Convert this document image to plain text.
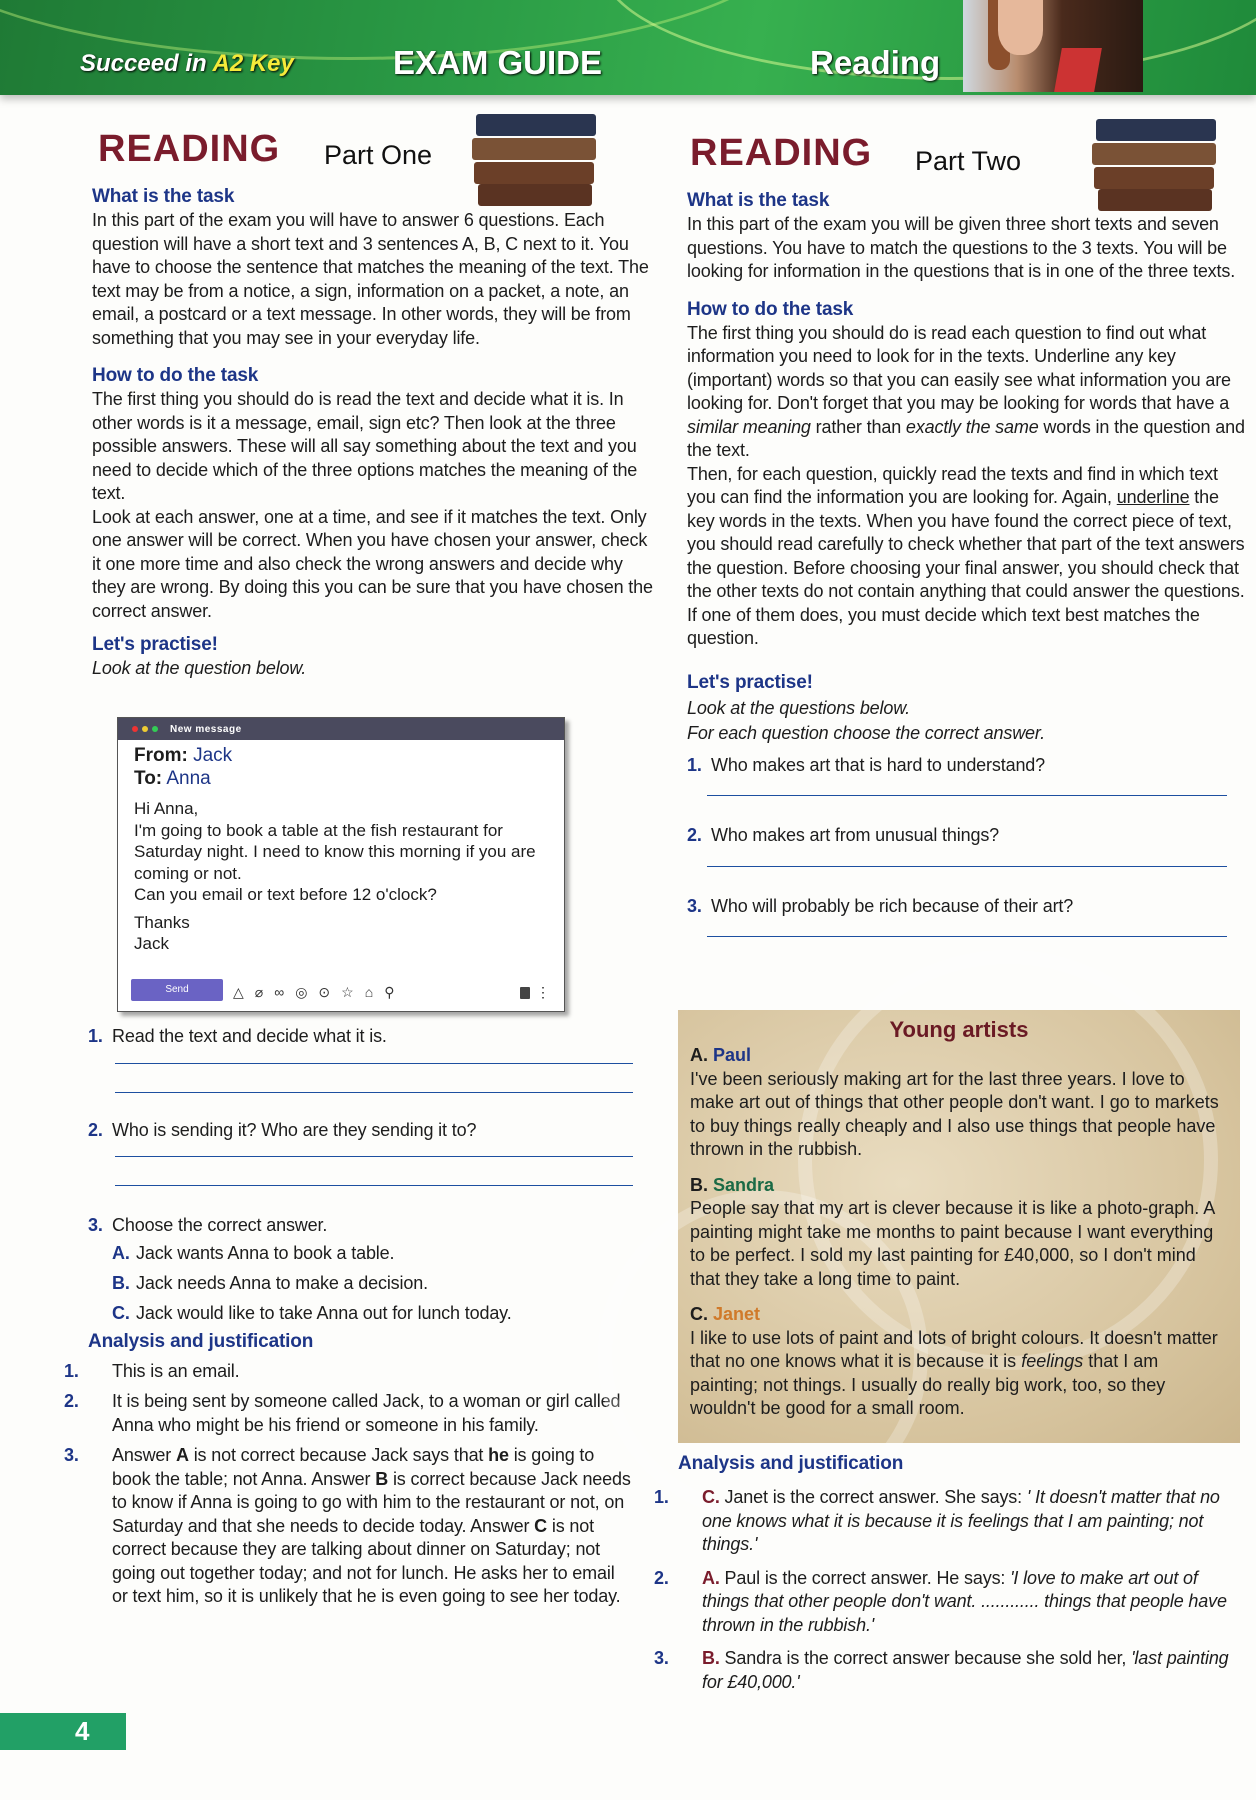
Succeed in A2 Key	EXAM GUIDE	Reading
READING Part One
What is the task

In this part of the exam you will have to answer 6 questions. Each question will have a short text and 3 sentences A, B, C next to it. You have to choose the sentence that matches the meaning of the text. The text may be from a notice, a sign, information on a packet, a note, an email, a postcard or a text message. In other words, they will be from something that you may see in your everyday life.

How to do the task

The first thing you should do is read the text and decide what it is. In other words is it a message, email, sign etc? Then look at the three possible answers. These will all say something about the text and you need to decide which of the three options matches the meaning of the text.

Look at each answer, one at a time, and see if it matches the text. Only one answer will be correct. When you have chosen your answer, check it one more time and also check the wrong answers and decide why they are wrong. By doing this you can be sure that you have chosen the correct answer.

Let's practise!

Look at the question below.

New message
From: Jack
To: Anna

Hi Anna,

I'm going to book a table at the fish restaurant for Saturday night. I need to know this morning if you are coming or not.

Can you email or text before 12 o'clock?

Thanks

Jack

Send	△ ⌀ ∞ ◎ ⊙ ☆ ⌂ ⚲	⋮

1. Read the text and decide what it is.

2. Who is sending it? Who are they sending it to?

3. Choose the correct answer.

A. Jack wants Anna to book a table.

B. Jack needs Anna to make a decision.

C. Jack would like to take Anna out for lunch today.

Analysis and justification

1. This is an email.

2. It is being sent by someone called Jack, to a woman or girl called Anna who might be his friend or someone in his family.

3. Answer A is not correct because Jack says that he is going to book the table; not Anna. Answer B is correct because Jack needs to know if Anna is going to go with him to the restaurant or not, on Saturday and that she needs to decide today. Answer C is not correct because they are talking about dinner on Saturday; not going out together today; and not for lunch. He asks her to email or text him, so it is unlikely that he is even going to see her today.

4
READING Part Two
What is the task

In this part of the exam you will be given three short texts and seven questions. You have to match the questions to the 3 texts. You will be looking for information in the questions that is in one of the three texts.

How to do the task

The first thing you should do is read each question to find out what information you need to look for in the texts. Underline any key (important) words so that you can easily see what information you are looking for. Don't forget that you may be looking for words that have a similar meaning rather than exactly the same words in the question and the text.

Then, for each question, quickly read the texts and find in which text you can find the information you are looking for. Again, underline the key words in the texts. When you have found the correct piece of text, you should read carefully to check whether that part of the text answers the question. Before choosing your final answer, you should check that the other texts do not contain anything that could answer the questions. If one of them does, you must decide which text best matches the question.

Let's practise!

Look at the questions below.

For each question choose the correct answer.

1. Who makes art that is hard to understand?

2. Who makes art from unusual things?

3. Who will probably be rich because of their art?

Young artists
A. Paul

I've been seriously making art for the last three years. I love to make art out of things that other people don't want. I go to markets to buy things really cheaply and I also use things that people have thrown in the rubbish.

B. Sandra

People say that my art is clever because it is like a photo-graph. A painting might take me months to paint because I want everything to be perfect. I sold my last painting for £40,000, so I don't mind that they take a long time to paint.

C. Janet

I like to use lots of paint and lots of bright colours. It doesn't matter that no one knows what it is because it is feelings that I am painting; not things. I usually do really big work, too, so they wouldn't be good for a small room.

Analysis and justification

1. C. Janet is the correct answer. She says: ' It doesn't matter that no one knows what it is because it is feelings that I am painting; not things.'

2. A. Paul is the correct answer. He says: 'I love to make art out of things that other people don't want. ............ things that people have thrown in the rubbish.'

3. B. Sandra is the correct answer because she sold her, 'last painting for £40,000.'
